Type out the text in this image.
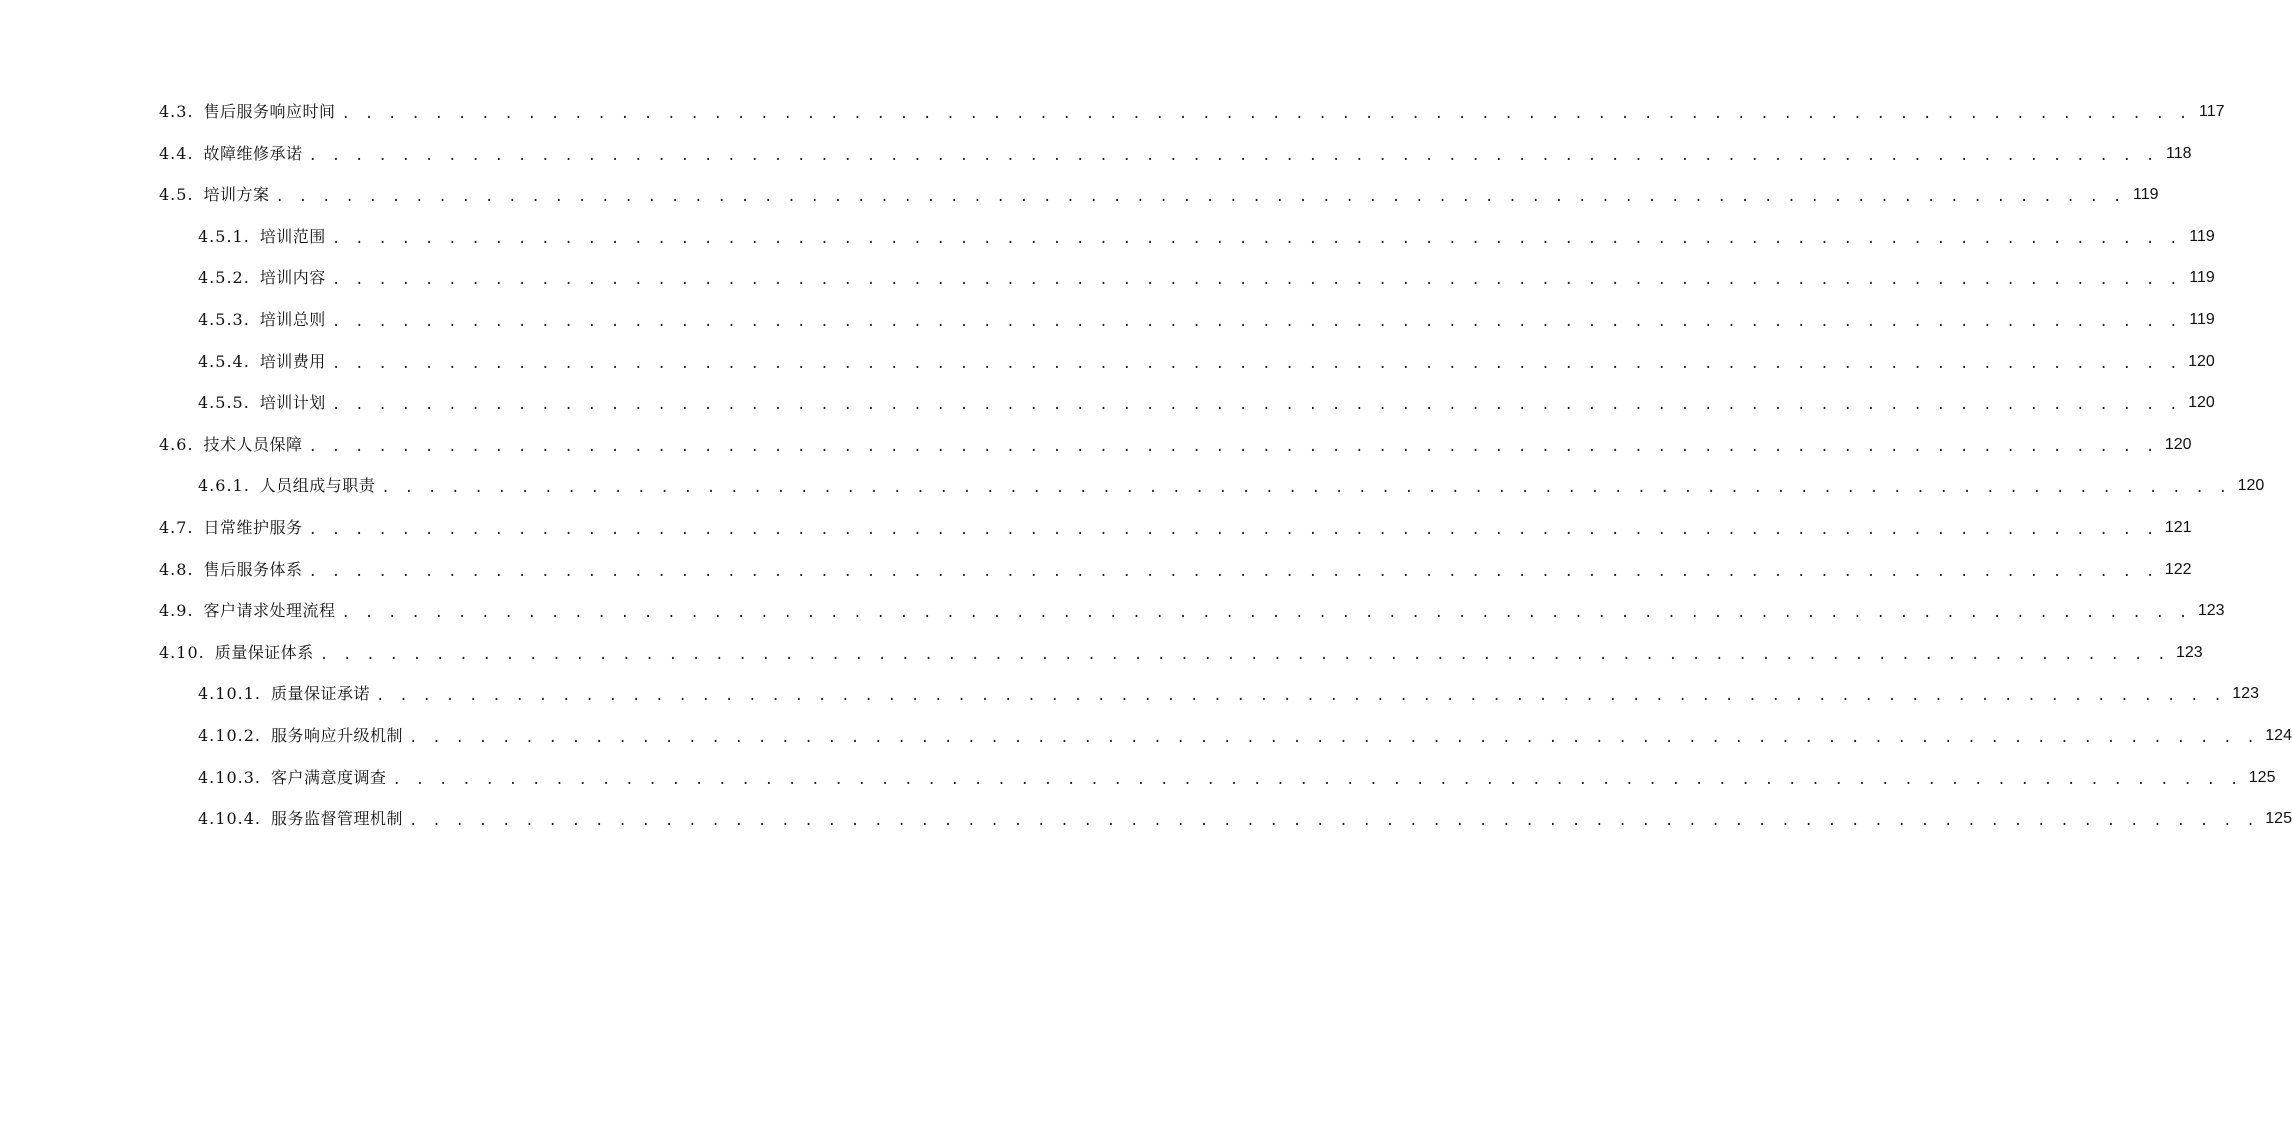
4.3. 售后服务响应时间 . . . . . . . . . . . . . . . . . . . . . . . . . . . . . . . . . . . . . . . . . . . . . . . . . . . . . . . . . . . . . . . . . . . . . . . . . . . . . . . . 117
4.4. 故障维修承诺 . . . . . . . . . . . . . . . . . . . . . . . . . . . . . . . . . . . . . . . . . . . . . . . . . . . . . . . . . . . . . . . . . . . . . . . . . . . . . . . . 118
4.5. 培训方案 . . . . . . . . . . . . . . . . . . . . . . . . . . . . . . . . . . . . . . . . . . . . . . . . . . . . . . . . . . . . . . . . . . . . . . . . . . . . . . . . 119
4.5.1. 培训范围 . . . . . . . . . . . . . . . . . . . . . . . . . . . . . . . . . . . . . . . . . . . . . . . . . . . . . . . . . . . . . . . . . . . . . . . . . . . . . . . . 119
4.5.2. 培训内容 . . . . . . . . . . . . . . . . . . . . . . . . . . . . . . . . . . . . . . . . . . . . . . . . . . . . . . . . . . . . . . . . . . . . . . . . . . . . . . . . 119
4.5.3. 培训总则 . . . . . . . . . . . . . . . . . . . . . . . . . . . . . . . . . . . . . . . . . . . . . . . . . . . . . . . . . . . . . . . . . . . . . . . . . . . . . . . . 119
4.5.4. 培训费用 . . . . . . . . . . . . . . . . . . . . . . . . . . . . . . . . . . . . . . . . . . . . . . . . . . . . . . . . . . . . . . . . . . . . . . . . . . . . . . . . 120
4.5.5. 培训计划 . . . . . . . . . . . . . . . . . . . . . . . . . . . . . . . . . . . . . . . . . . . . . . . . . . . . . . . . . . . . . . . . . . . . . . . . . . . . . . . . 120
4.6. 技术人员保障 . . . . . . . . . . . . . . . . . . . . . . . . . . . . . . . . . . . . . . . . . . . . . . . . . . . . . . . . . . . . . . . . . . . . . . . . . . . . . . . . 120
4.6.1. 人员组成与职责 . . . . . . . . . . . . . . . . . . . . . . . . . . . . . . . . . . . . . . . . . . . . . . . . . . . . . . . . . . . . . . . . . . . . . . . . . . . . . . . . 120
4.7. 日常维护服务 . . . . . . . . . . . . . . . . . . . . . . . . . . . . . . . . . . . . . . . . . . . . . . . . . . . . . . . . . . . . . . . . . . . . . . . . . . . . . . . . 121
4.8. 售后服务体系 . . . . . . . . . . . . . . . . . . . . . . . . . . . . . . . . . . . . . . . . . . . . . . . . . . . . . . . . . . . . . . . . . . . . . . . . . . . . . . . . 122
4.9. 客户请求处理流程 . . . . . . . . . . . . . . . . . . . . . . . . . . . . . . . . . . . . . . . . . . . . . . . . . . . . . . . . . . . . . . . . . . . . . . . . . . . . . . . . 123
4.10. 质量保证体系 . . . . . . . . . . . . . . . . . . . . . . . . . . . . . . . . . . . . . . . . . . . . . . . . . . . . . . . . . . . . . . . . . . . . . . . . . . . . . . . . 123
4.10.1. 质量保证承诺 . . . . . . . . . . . . . . . . . . . . . . . . . . . . . . . . . . . . . . . . . . . . . . . . . . . . . . . . . . . . . . . . . . . . . . . . . . . . . . . . 123
4.10.2. 服务响应升级机制 . . . . . . . . . . . . . . . . . . . . . . . . . . . . . . . . . . . . . . . . . . . . . . . . . . . . . . . . . . . . . . . . . . . . . . . . . . . . . . . . 124
4.10.3. 客户满意度调查 . . . . . . . . . . . . . . . . . . . . . . . . . . . . . . . . . . . . . . . . . . . . . . . . . . . . . . . . . . . . . . . . . . . . . . . . . . . . . . . . 125
4.10.4. 服务监督管理机制 . . . . . . . . . . . . . . . . . . . . . . . . . . . . . . . . . . . . . . . . . . . . . . . . . . . . . . . . . . . . . . . . . . . . . . . . . . . . . . . . 125
